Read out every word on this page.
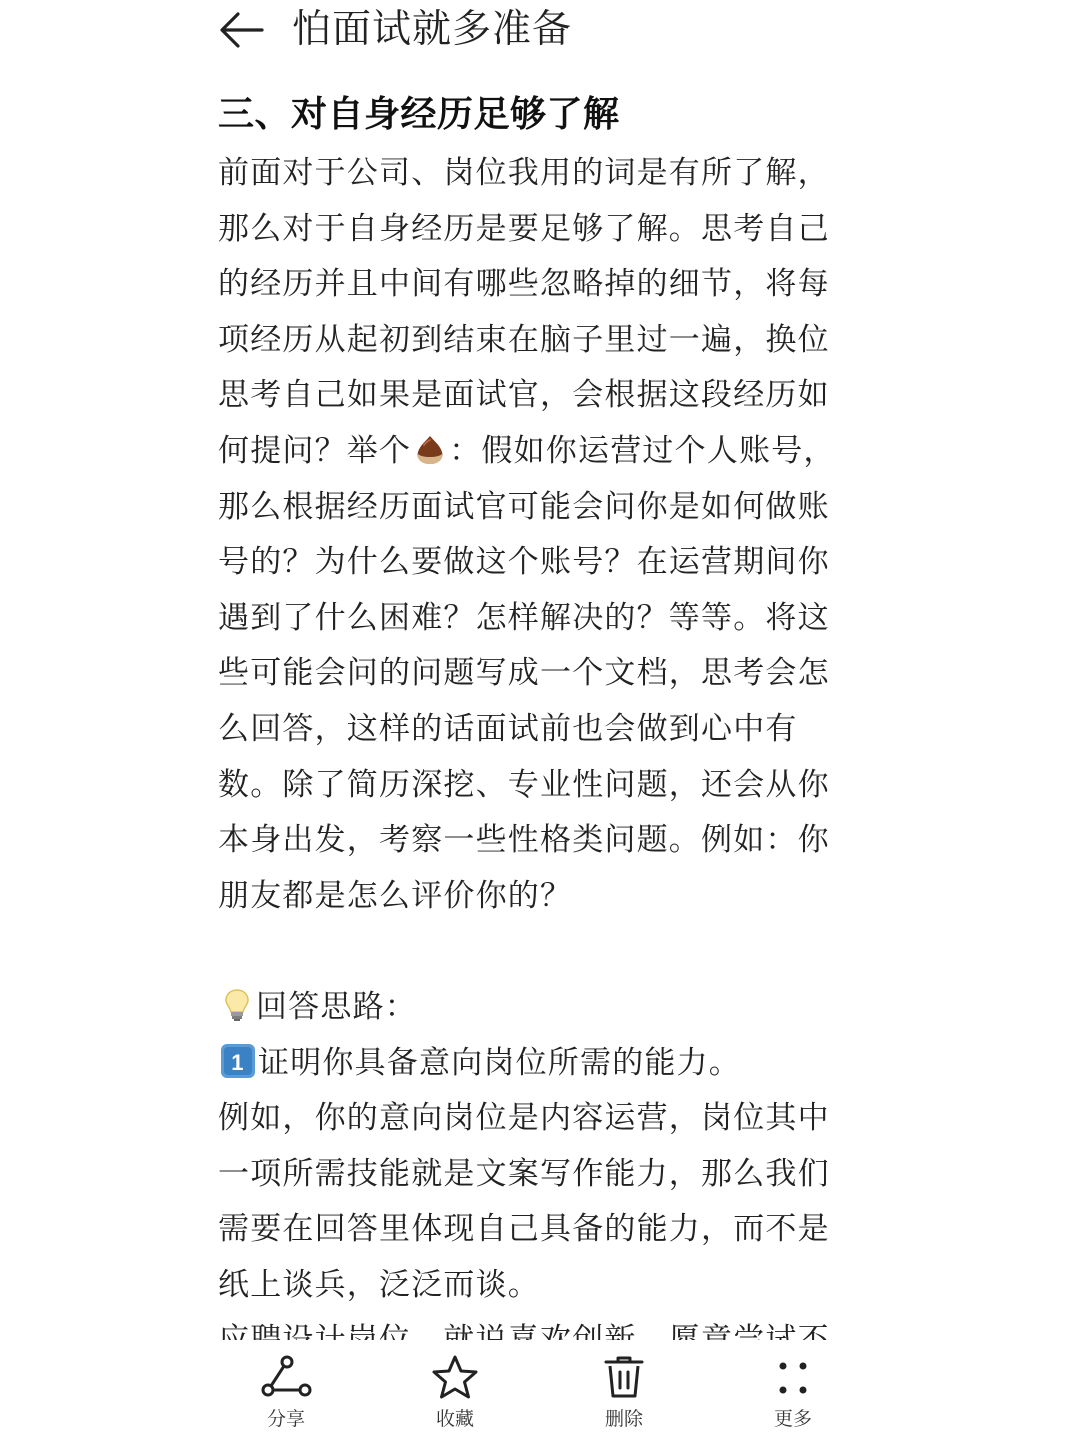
怕面试就多准备
三、对自身经历足够了解
前面对于公司、岗位我用的词是有所了解，
那么对于自身经历是要足够了解。思考自己
的经历并且中间有哪些忽略掉的细节，将每
项经历从起初到结束在脑子里过一遍，换位
思考自己如果是面试官，会根据这段经历如
何提问？举个 ：假如你运营过个人账号，
那么根据经历面试官可能会问你是如何做账
号的？为什么要做这个账号？在运营期间你
遇到了什么困难？怎样解决的？等等。将这
些可能会问的问题写成一个文档，思考会怎
么回答，这样的话面试前也会做到心中有
数。除了简历深挖、专业性问题，还会从你
本身出发，考察一些性格类问题。例如：你
朋友都是怎么评价你的？
回答思路：
1 证明你具备意向岗位所需的能力。
例如，你的意向岗位是内容运营，岗位其中
一项所需技能就是文案写作能力，那么我们
需要在回答里体现自己具备的能力，而不是
纸上谈兵，泛泛而谈。
分享	收藏	删除	更多
